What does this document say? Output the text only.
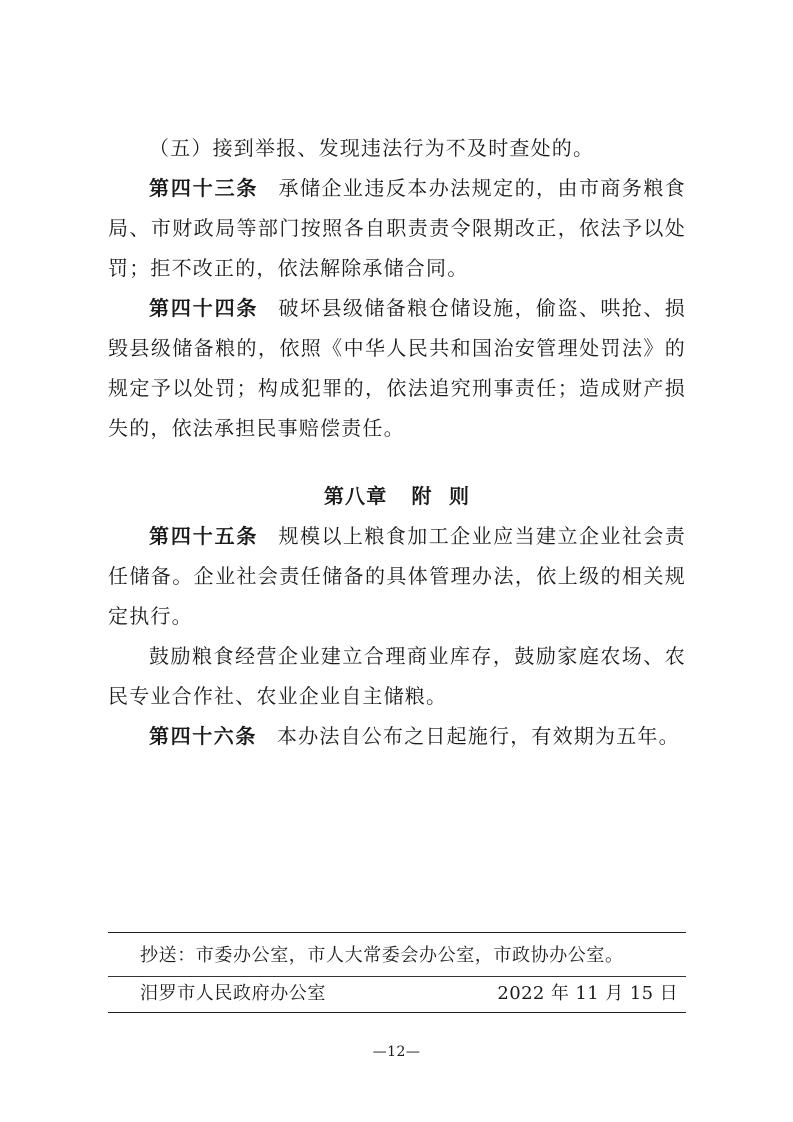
（五）接到举报、发现违法行为不及时查处的。

第四十三条 承储企业违反本办法规定的，由市商务粮食局、市财政局等部门按照各自职责责令限期改正，依法予以处罚；拒不改正的，依法解除承储合同。

第四十四条 破坏县级储备粮仓储设施，偷盗、哄抢、损毁县级储备粮的，依照《中华人民共和国治安管理处罚法》的规定予以处罚；构成犯罪的，依法追究刑事责任；造成财产损失的，依法承担民事赔偿责任。

第八章 附  则

第四十五条 规模以上粮食加工企业应当建立企业社会责任储备。企业社会责任储备的具体管理办法，依上级的相关规定执行。

鼓励粮食经营企业建立合理商业库存，鼓励家庭农场、农民专业合作社、农业企业自主储粮。

第四十六条 本办法自公布之日起施行，有效期为五年。

抄送：市委办公室，市人大常委会办公室，市政协办公室。
汨罗市人民政府办公室	2022 年 11 月 15 日
—12—
